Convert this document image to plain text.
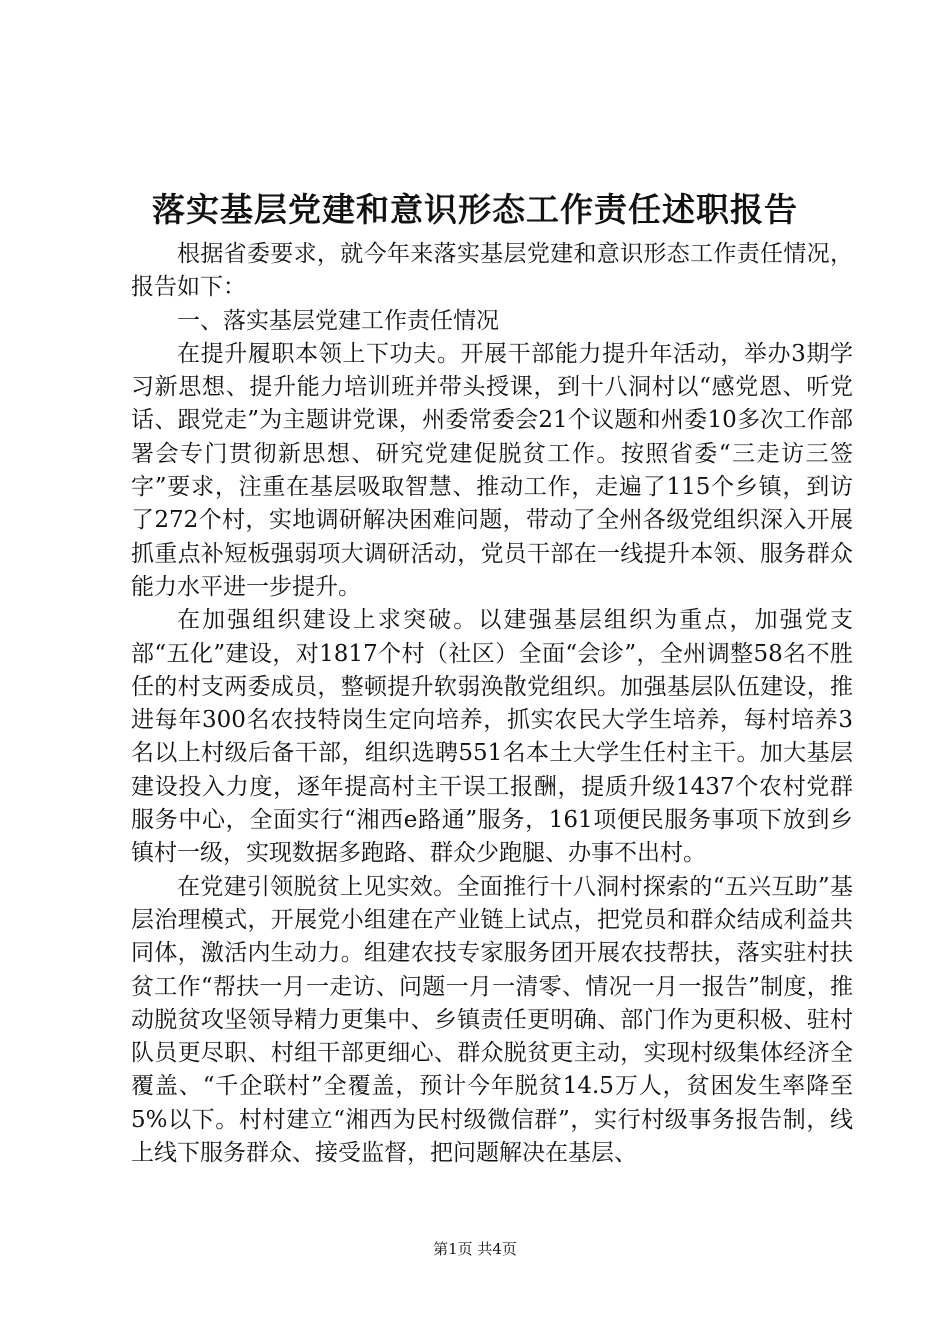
落实基层党建和意识形态工作责任述职报告

根据省委要求，就今年来落实基层党建和意识形态工作责任情况，报告如下：

一、落实基层党建工作责任情况

在提升履职本领上下功夫。开展干部能力提升年活动，举办3期学习新思想、提升能力培训班并带头授课，到十八洞村以“感党恩、听党话、跟党走”为主题讲党课，州委常委会21个议题和州委10多次工作部署会专门贯彻新思想、研究党建促脱贫工作。按照省委“三走访三签字”要求，注重在基层吸取智慧、推动工作，走遍了115个乡镇，到访了272个村，实地调研解决困难问题，带动了全州各级党组织深入开展抓重点补短板强弱项大调研活动，党员干部在一线提升本领、服务群众能力水平进一步提升。

在加强组织建设上求突破。以建强基层组织为重点，加强党支部“五化”建设，对1817个村（社区）全面“会诊”，全州调整58名不胜任的村支两委成员，整顿提升软弱涣散党组织。加强基层队伍建设，推进每年300名农技特岗生定向培养，抓实农民大学生培养，每村培养3名以上村级后备干部，组织选聘551名本土大学生任村主干。加大基层建设投入力度，逐年提高村主干误工报酬，提质升级1437个农村党群服务中心，全面实行“湘西e路通”服务，161项便民服务事项下放到乡镇村一级，实现数据多跑路、群众少跑腿、办事不出村。

在党建引领脱贫上见实效。全面推行十八洞村探索的“五兴互助”基层治理模式，开展党小组建在产业链上试点，把党员和群众结成利益共同体，激活内生动力。组建农技专家服务团开展农技帮扶，落实驻村扶贫工作“帮扶一月一走访、问题一月一清零、情况一月一报告”制度，推动脱贫攻坚领导精力更集中、乡镇责任更明确、部门作为更积极、驻村队员更尽职、村组干部更细心、群众脱贫更主动，实现村级集体经济全覆盖、“千企联村”全覆盖，预计今年脱贫14.5万人，贫困发生率降至5%以下。村村建立“湘西为民村级微信群”，实行村级事务报告制，线上线下服务群众、接受监督，把问题解决在基层、

第1页 共4页
